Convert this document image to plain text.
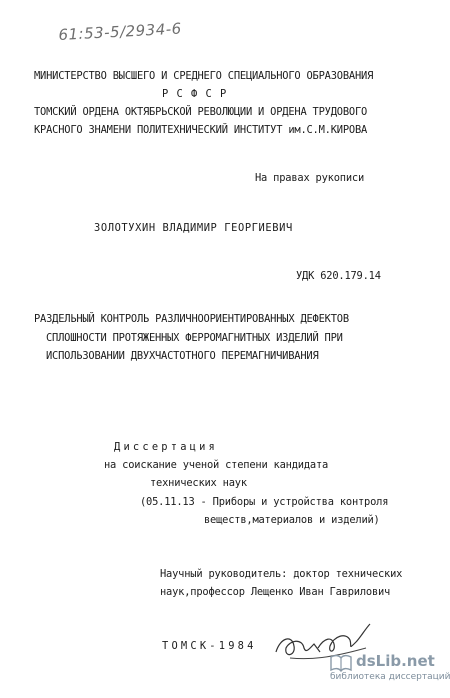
61:53-5/2934-6
МИНИСТЕРСТВО ВЫСШЕГО И СРЕДНЕГО СПЕЦИАЛЬНОГО ОБРАЗОВАНИЯ
Р С Ф С Р
ТОМСКИЙ ОРДЕНА ОКТЯБРЬСКОЙ РЕВОЛЮЦИИ И ОРДЕНА ТРУДОВОГО
КРАСНОГО ЗНАМЕНИ ПОЛИТЕХНИЧЕСКИЙ ИНСТИТУТ им.С.М.КИРОВА
На правах рукописи
ЗОЛОТУХИН ВЛАДИМИР ГЕОРГИЕВИЧ
УДК 620.179.14
РАЗДЕЛЬНЫЙ КОНТРОЛЬ РАЗЛИЧНООРИЕНТИРОВАННЫХ ДЕФЕКТОВ
СПЛОШНОСТИ ПРОТЯЖЕННЫХ ФЕРРОМАГНИТНЫХ ИЗДЕЛИЙ ПРИ
ИСПОЛЬЗОВАНИИ ДВУХЧАСТОТНОГО ПЕРЕМАГНИЧИВАНИЯ
Диссертация
на соискание ученой степени кандидата
технических наук
(05.11.13 - Приборы и устройства контроля
веществ,материалов и изделий)
Научный руководитель: доктор технических
наук,профессор Лещенко Иван Гаврилович
ТОМСК-1984
dsLib.net
библиотека диссертаций
